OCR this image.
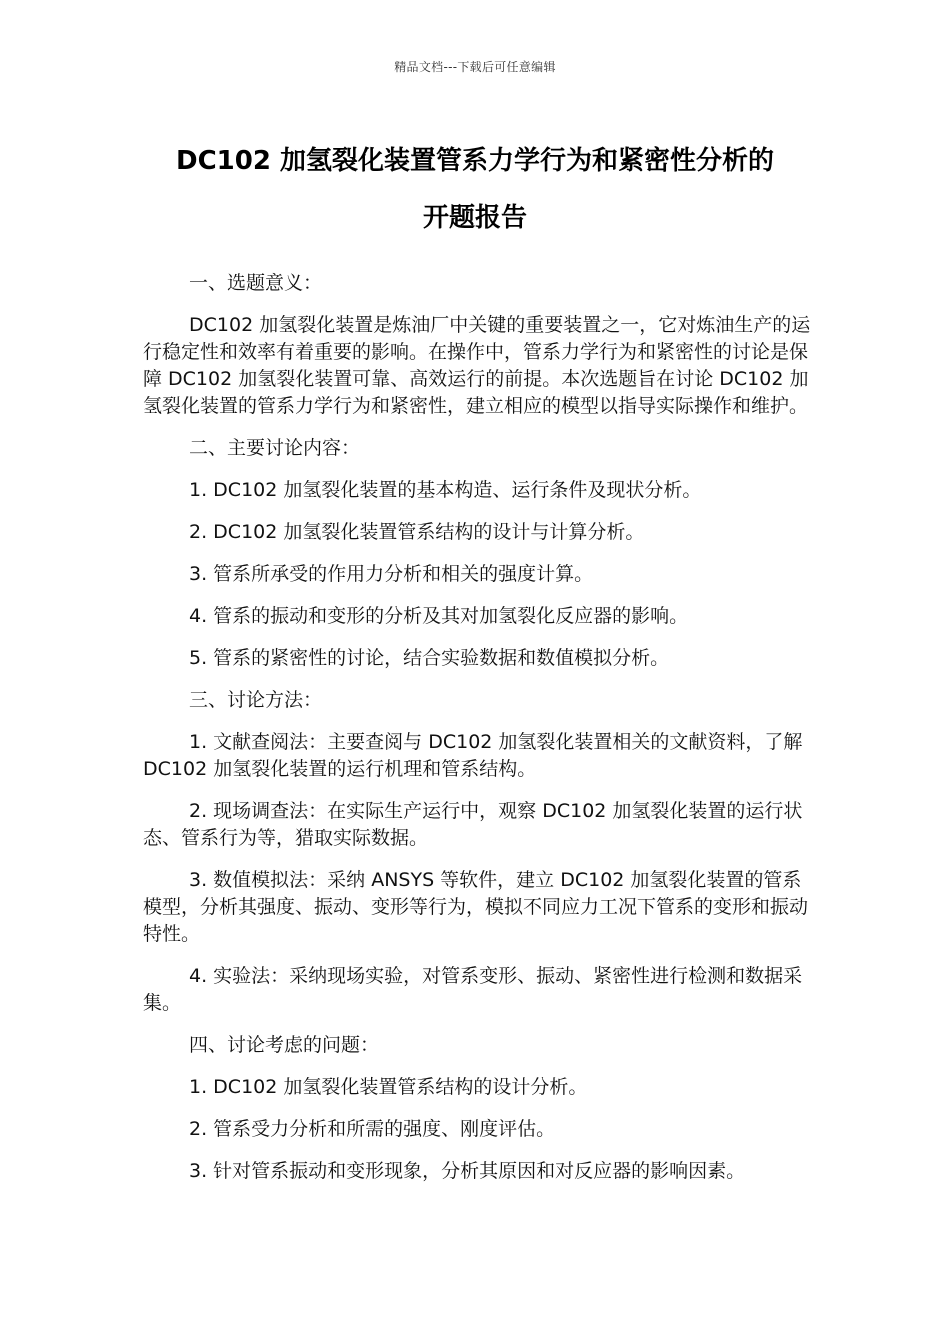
精品文档---下载后可任意编辑
DC102 加氢裂化装置管系力学行为和紧密性分析的
开题报告

一、选题意义：

DC102 加氢裂化装置是炼油厂中关键的重要装置之一，它对炼油生产的运行稳定性和效率有着重要的影响。在操作中，管系力学行为和紧密性的讨论是保障 DC102 加氢裂化装置可靠、高效运行的前提。本次选题旨在讨论 DC102 加氢裂化装置的管系力学行为和紧密性，建立相应的模型以指导实际操作和维护。

二、主要讨论内容：

1. DC102 加氢裂化装置的基本构造、运行条件及现状分析。

2. DC102 加氢裂化装置管系结构的设计与计算分析。

3. 管系所承受的作用力分析和相关的强度计算。

4. 管系的振动和变形的分析及其对加氢裂化反应器的影响。

5. 管系的紧密性的讨论，结合实验数据和数值模拟分析。

三、讨论方法：

1. 文献查阅法：主要查阅与 DC102 加氢裂化装置相关的文献资料，了解 DC102 加氢裂化装置的运行机理和管系结构。

2. 现场调查法：在实际生产运行中，观察 DC102 加氢裂化装置的运行状态、管系行为等，猎取实际数据。

3. 数值模拟法：采纳 ANSYS 等软件，建立 DC102 加氢裂化装置的管系模型，分析其强度、振动、变形等行为，模拟不同应力工况下管系的变形和振动特性。

4. 实验法：采纳现场实验，对管系变形、振动、紧密性进行检测和数据采集。

四、讨论考虑的问题：

1. DC102 加氢裂化装置管系结构的设计分析。

2. 管系受力分析和所需的强度、刚度评估。

3. 针对管系振动和变形现象，分析其原因和对反应器的影响因素。
